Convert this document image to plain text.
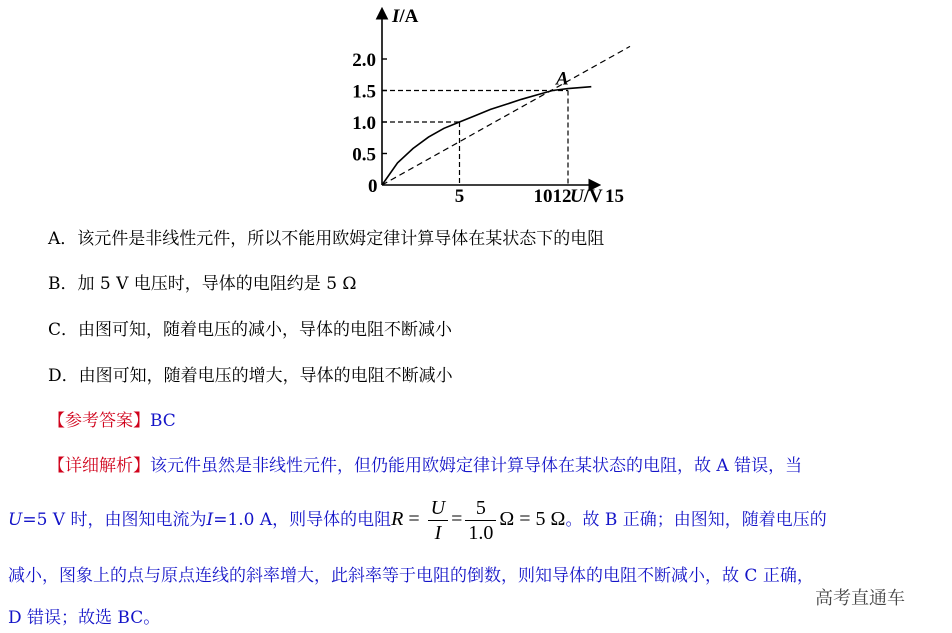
I/A
U/V
2.0
1.5
1.0
0.5
0	5	1012 15
A
A．该元件是非线性元件，所以不能用欧姆定律计算导体在某状态下的电阻
B．加 5 V 电压时，导体的电阻约是 5 Ω
C．由图可知，随着电压的减小，导体的电阻不断减小
D．由图可知，随着电压的增大，导体的电阻不断减小
【参考答案】BC
【详细解析】该元件虽然是非线性元件，但仍能用欧姆定律计算导体在某状态的电阻，故 A 错误，当
U =5 V 时，由图知电流为 I =1.0 A，则导体的电阻 $R = \frac{U}{I} = \frac{5}{1.0}$ Ω = 5 Ω 。故 B 正确；由图知，随着电压的
减小，图象上的点与原点连线的斜率增大，此斜率等于电阻的倒数，则知导体的电阻不断减小，故 C 正确，
D 错误；故选 BC。
高考直通车
